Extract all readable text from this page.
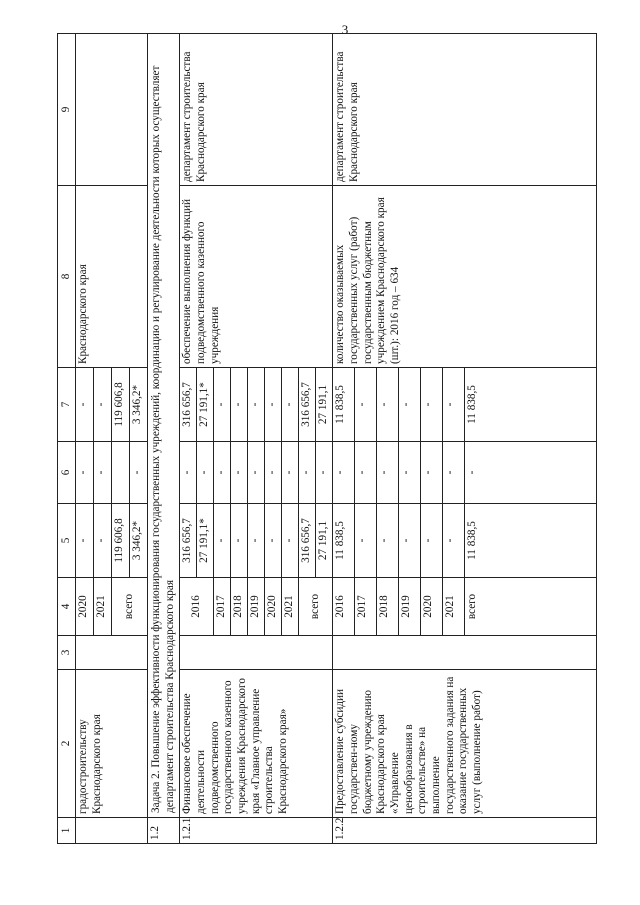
3
1	2	3	4	5	6	7	8	9
	градостроительству Краснодарского края		2020	-	-	-	Краснодарского края	
			2021	-	-	-		
			всего	119 606,8		119 606,8		
				3 346,2*	-	3 346,2*		
1.2	Задача 2. Повышение эффективности функционирования государственных учреждений, координацию и регулирование деятельности которых осуществляет департамент строительства Краснодарского края							
1.2.1	Финансовое обеспечение деятельности подведомственного государственного казенного учреждения Краснодарского края «Главное управление строительства Краснодарского края»		2016	316 656,7	-	316 656,7	обеспечение выполнения функций подведомственного казенного учреждения	департамент строительства Краснодарского края
				27 191,1*	-	27 191,1*		
			2017	-	-	-		
			2018	-	-	-		
			2019	-	-	-		
			2020	-	-	-		
			2021	-	-	-		
			всего	316 656,7	-	316 656,7		
				27 191,1	-	27 191,1		
1.2.2	Предоставление субсидии государствен-ному бюджетному учреждению Краснодарского края «Управление ценообразования в строительстве» на выполнение государственного задания на оказание государственных услуг (выполнение работ)		2016	11 838,5	-	11 838,5	количество оказываемых государственных услуг (работ) государственным бюджетным учреждением Краснодарского края (шт.): 2016 год – 634	департамент строительства Краснодарского края
			2017	-	-	-		
			2018	-	-	-		
			2019	-	-	-		
			2020	-	-	-		
			2021	-	-	-		
			всего	11 838,5	-	11 838,5		
